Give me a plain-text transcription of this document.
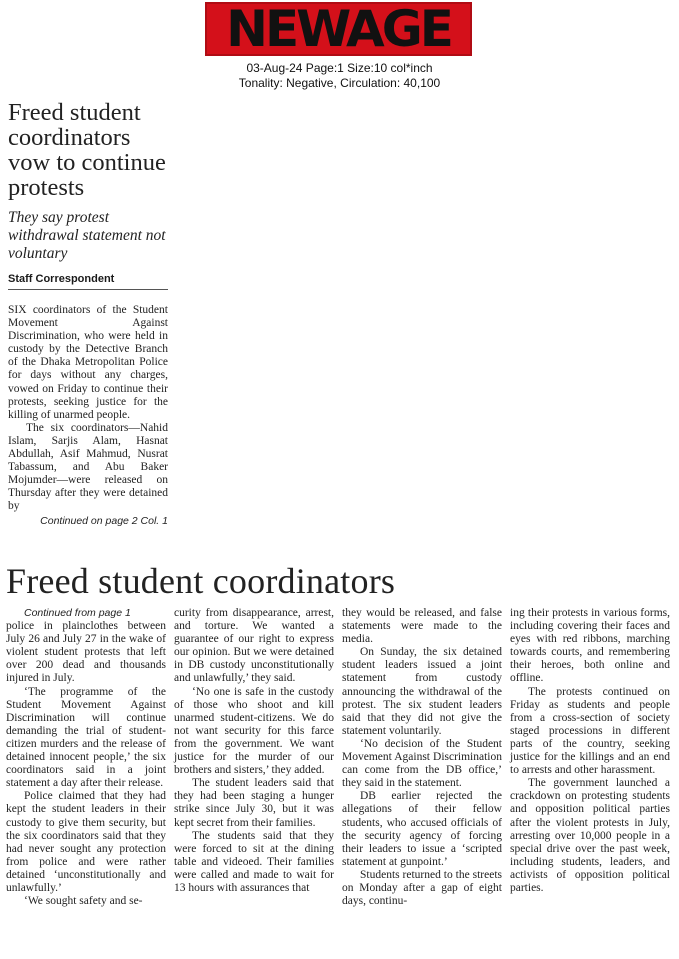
NEWAGE
03-Aug-24 Page:1 Size:10 col*inch
Tonality: Negative, Circulation: 40,100
Freed student coordinators vow to continue protests
They say protest withdrawal statement not voluntary
Staff Correspondent

SIX coordinators of the Student Movement Against Discrimination, who were held in custody by the Detective Branch of the Dhaka Metropolitan Police for days without any charges, vowed on Friday to continue their protests, seeking justice for the killing of unarmed people.

The six coordinators—Nahid Islam, Sarjis Alam, Hasnat Abdullah, Asif Mahmud, Nusrat Tabassum, and Abu Baker Mojumder—were released on Thursday after they were detained by

Continued on page 2 Col. 1
Freed student coordinators

Continued from page 1

police in plainclothes between July 26 and July 27 in the wake of violent student protests that left over 200 dead and thousands injured in July.

‘The programme of the Student Movement Against Discrimination will continue demanding the trial of student-citizen murders and the release of detained innocent people,’ the six coordinators said in a joint statement a day after their release.

Police claimed that they had kept the student leaders in their custody to give them security, but the six coordinators said that they had never sought any protection from police and were rather detained ‘unconstitutionally and unlawfully.’

‘We sought safety and se-

curity from disappearance, arrest, and torture. We wanted a guarantee of our right to express our opinion. But we were detained in DB custody unconstitutionally and unlawfully,’ they said.

‘No one is safe in the custody of those who shoot and kill unarmed student-citizens. We do not want security for this farce from the government. We want justice for the murder of our brothers and sisters,’ they added.

The student leaders said that they had been staging a hunger strike since July 30, but it was kept secret from their families.

The students said that they were forced to sit at the dining table and videoed. Their families were called and made to wait for 13 hours with assurances that

they would be released, and false statements were made to the media.

On Sunday, the six detained student leaders issued a joint statement from custody announcing the withdrawal of the protest. The six student leaders said that they did not give the statement voluntarily.

‘No decision of the Student Movement Against Discrimination can come from the DB office,’ they said in the statement.

DB earlier rejected the allegations of their fellow students, who accused officials of the security agency of forcing their leaders to issue a ‘scripted statement at gunpoint.’

Students returned to the streets on Monday after a gap of eight days, continu-

ing their protests in various forms, including covering their faces and eyes with red ribbons, marching towards courts, and remembering their heroes, both online and offline.

The protests continued on Friday as students and people from a cross-section of society staged processions in different parts of the country, seeking justice for the killings and an end to arrests and other harassment.

The government launched a crackdown on protesting students and opposition political parties after the violent protests in July, arresting over 10,000 people in a special drive over the past week, including students, leaders, and activists of opposition political parties.
